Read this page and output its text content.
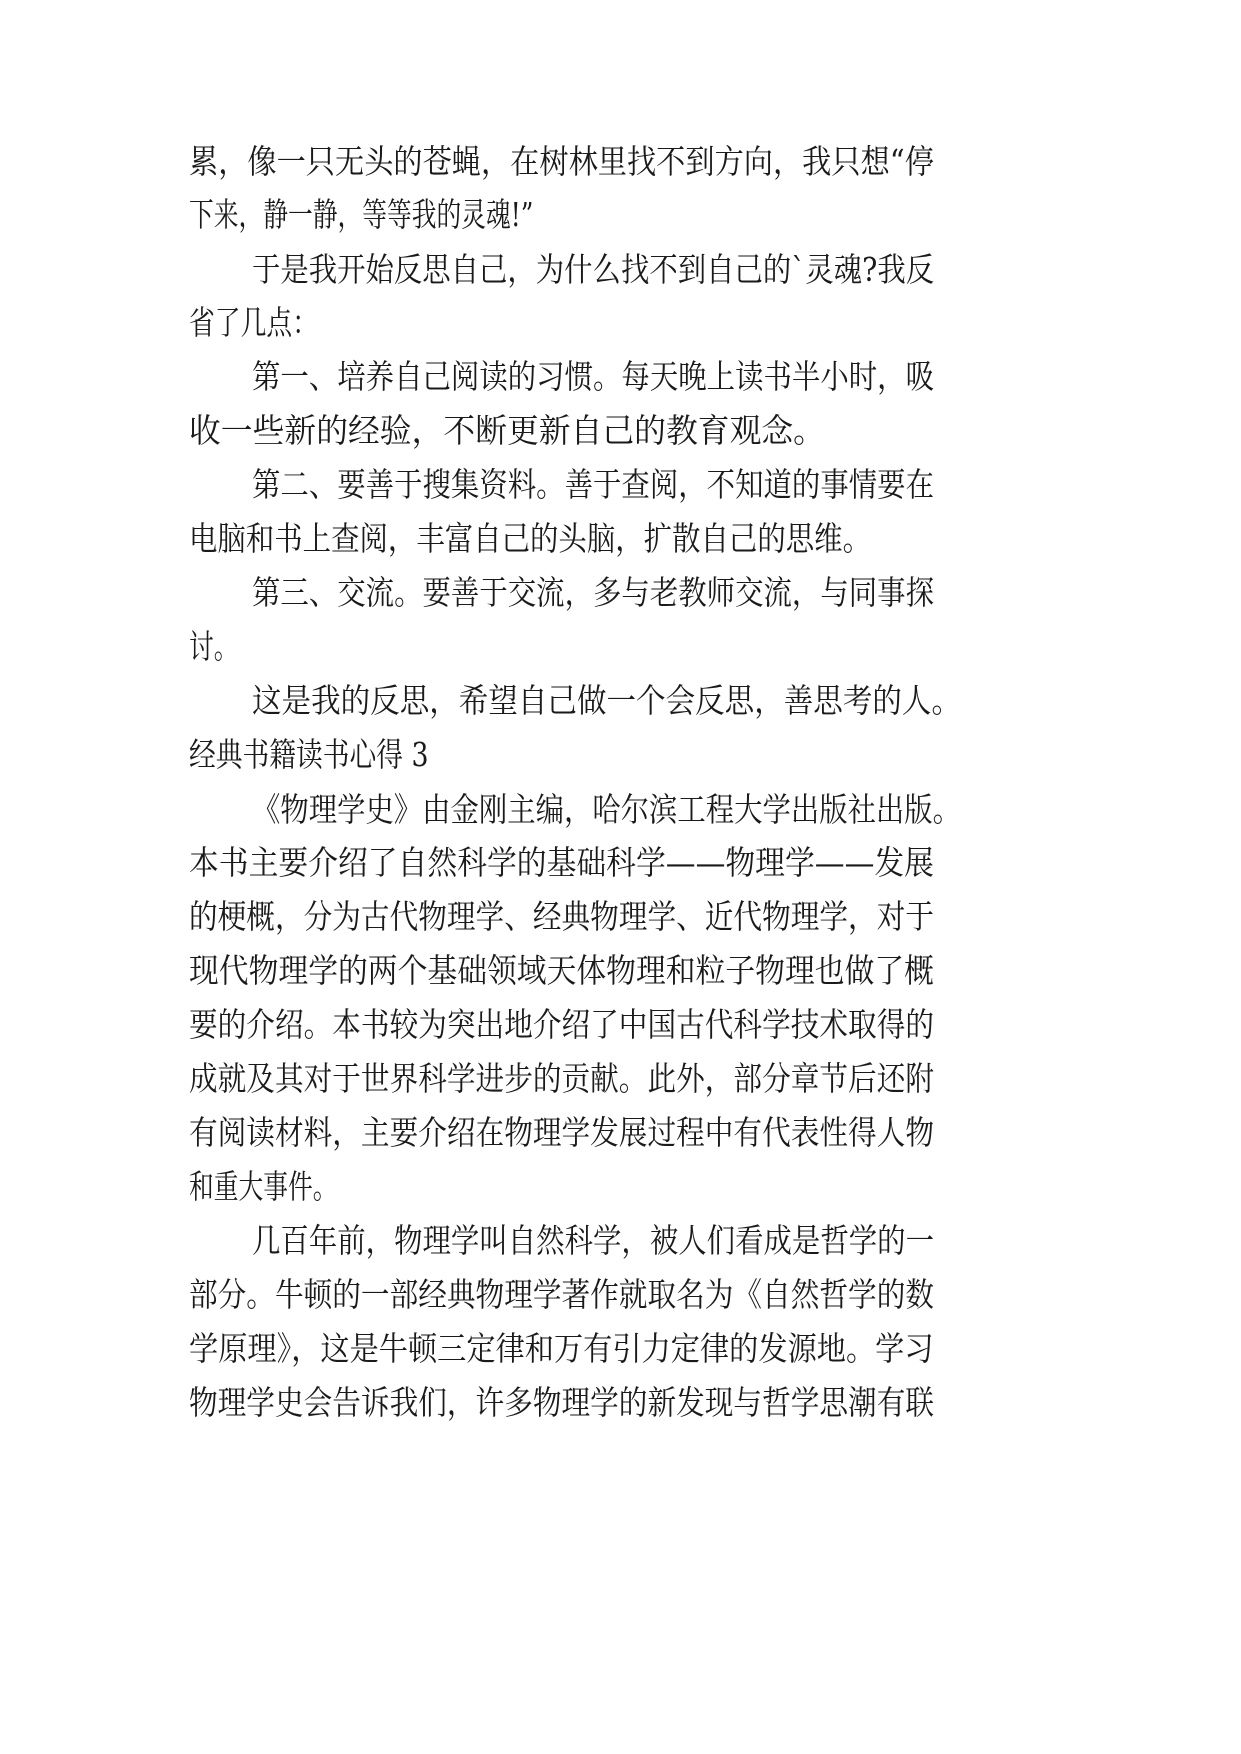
累，像一只无头的苍蝇，在树林里找不到方向，我只想“停
下来，静一静，等等我的灵魂!”
于是我开始反思自己，为什么找不到自己的`灵魂?我反
省了几点：
第一、培养自己阅读的习惯。每天晚上读书半小时，吸
收一些新的经验，不断更新自己的教育观念。
第二、要善于搜集资料。善于查阅，不知道的事情要在
电脑和书上查阅，丰富自己的头脑，扩散自己的思维。
第三、交流。要善于交流，多与老教师交流，与同事探
讨。
这是我的反思，希望自己做一个会反思，善思考的人。
经典书籍读书心得 3
《物理学史》由金刚主编，哈尔滨工程大学出版社出版。
本书主要介绍了自然科学的基础科学——物理学——发展
的梗概，分为古代物理学、经典物理学、近代物理学，对于
现代物理学的两个基础领域天体物理和粒子物理也做了概
要的介绍。本书较为突出地介绍了中国古代科学技术取得的
成就及其对于世界科学进步的贡献。此外，部分章节后还附
有阅读材料，主要介绍在物理学发展过程中有代表性得人物
和重大事件。
几百年前，物理学叫自然科学，被人们看成是哲学的一
部分。牛顿的一部经典物理学著作就取名为《自然哲学的数
学原理》，这是牛顿三定律和万有引力定律的发源地。学习
物理学史会告诉我们，许多物理学的新发现与哲学思潮有联
